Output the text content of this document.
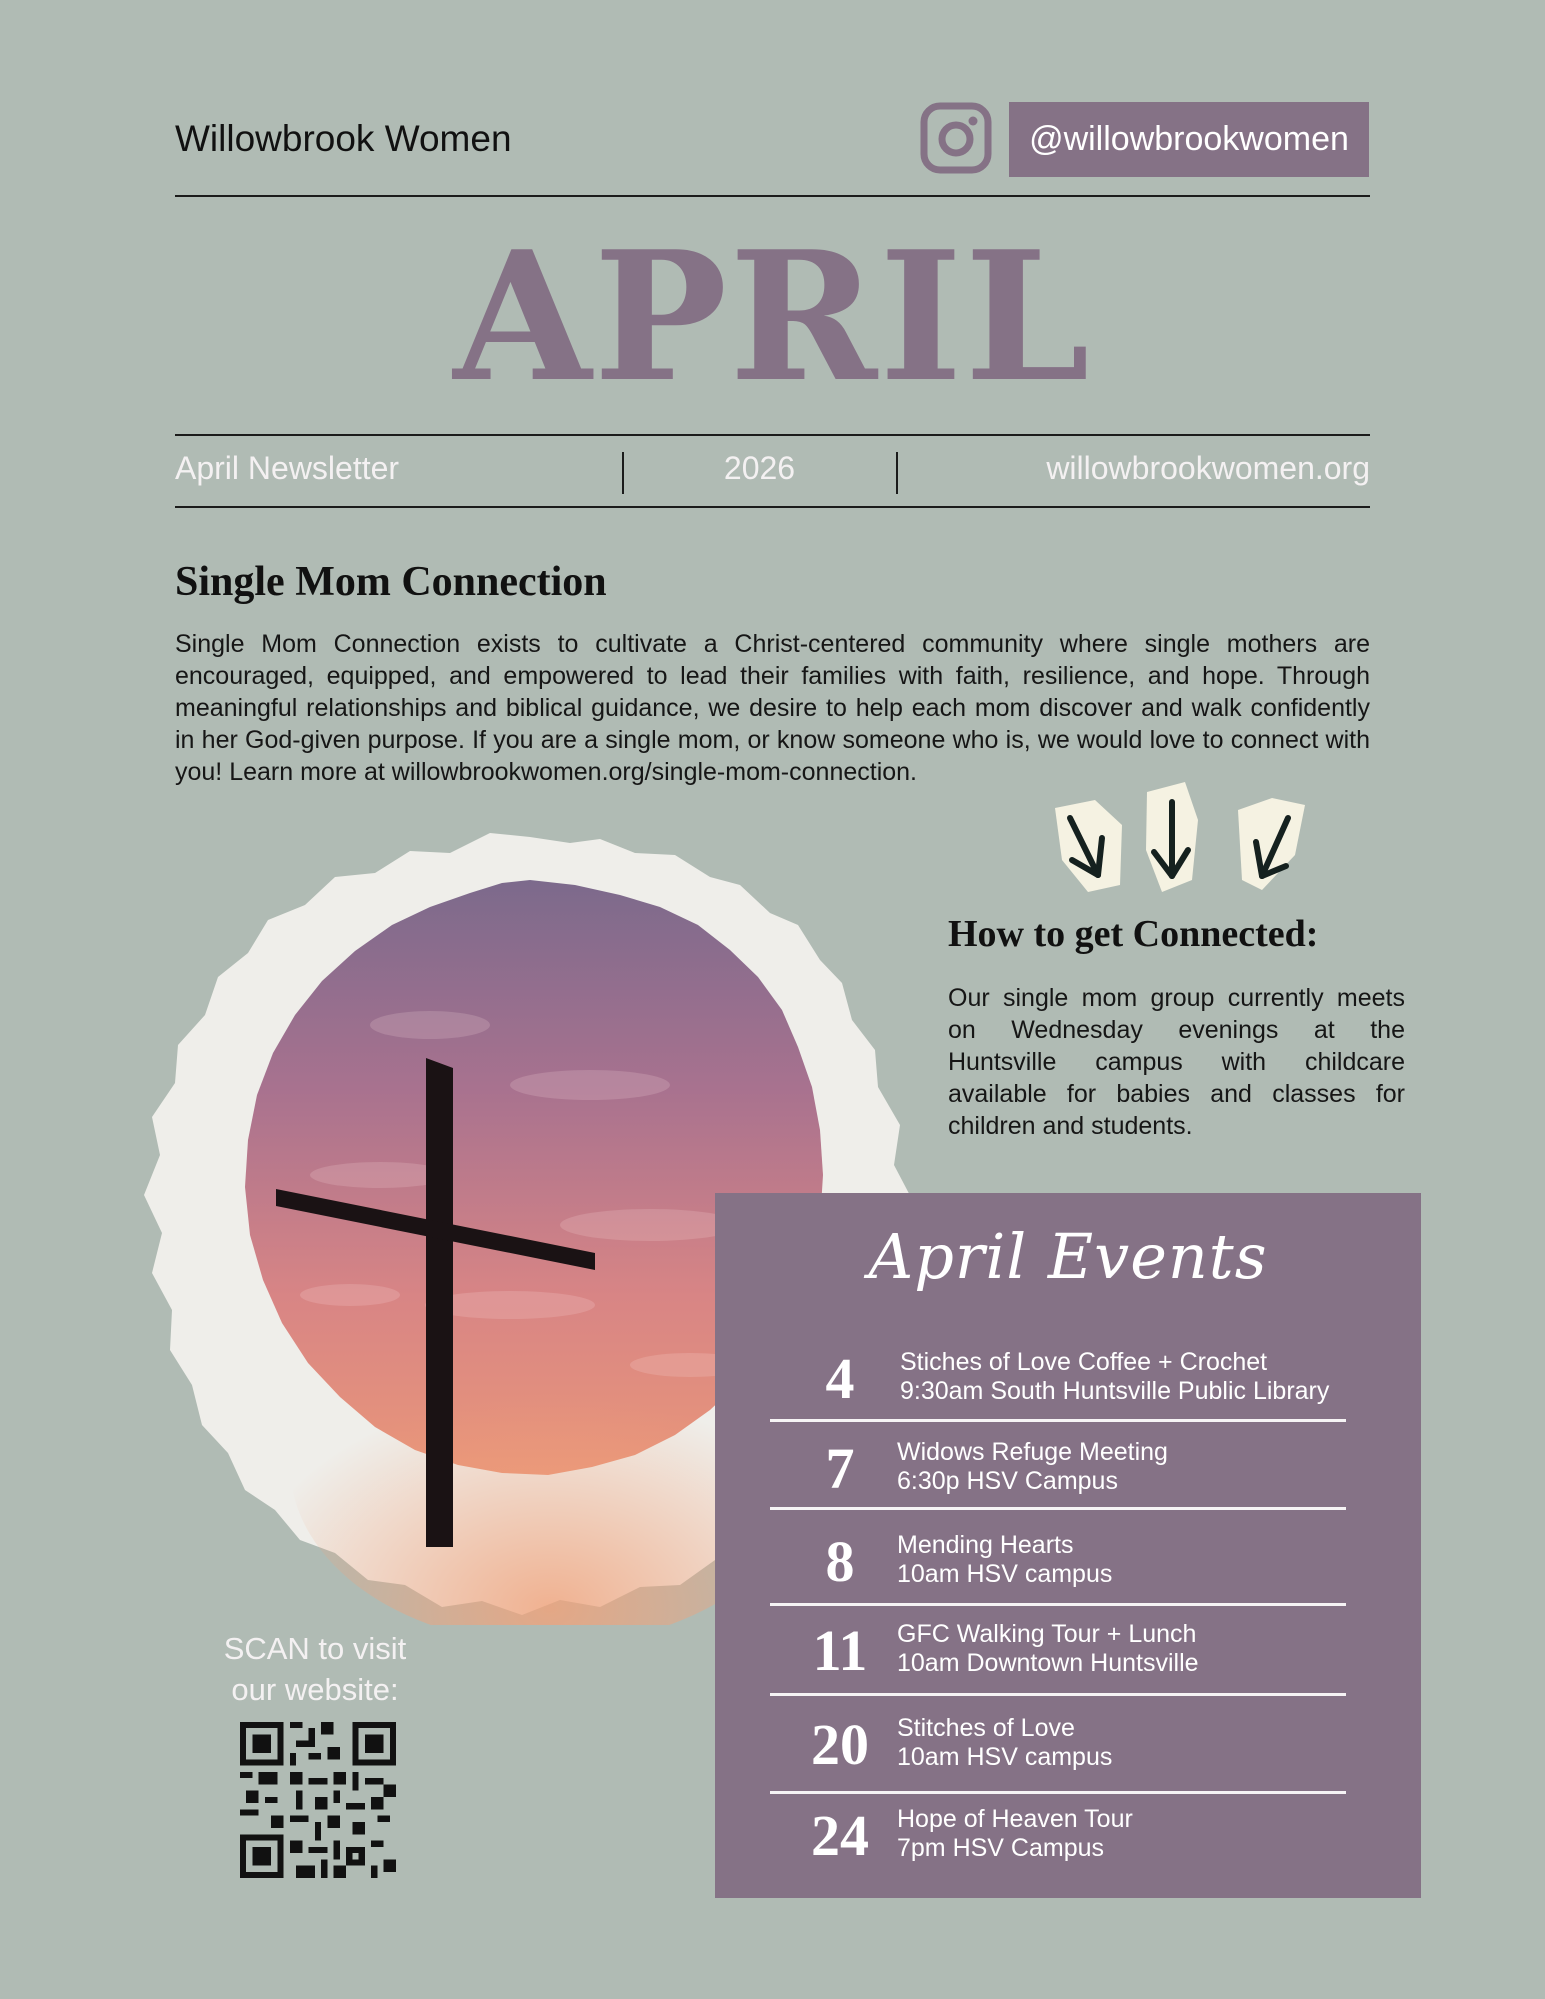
Willowbrook Women	@willowbrookwomen
APRIL
April Newsletter	2026	willowbrookwomen.org
Single Mom Connection
Single Mom Connection exists to cultivate a Christ-centered community where single mothers are encouraged, equipped, and empowered to lead their families with faith, resilience, and hope. Through meaningful relationships and biblical guidance, we desire to help each mom discover and walk confidently in her God-given purpose. If you are a single mom, or know someone who is, we would love to connect with you! Learn more at willowbrookwomen.org/single-mom-connection.
How to get Connected:
Our single mom group currently meets on Wednesday evenings at the Huntsville campus with childcare available for babies and classes for children and students.
SCAN to visit
our website:
April Events
4	Stiches of Love Coffee + Crochet
9:30am South Huntsville Public Library
7	Widows Refuge Meeting
6:30p HSV Campus
8	Mending Hearts
10am HSV campus
11	GFC Walking Tour + Lunch
10am Downtown Huntsville
20	Stitches of Love
10am HSV campus
24	Hope of Heaven Tour
7pm HSV Campus
